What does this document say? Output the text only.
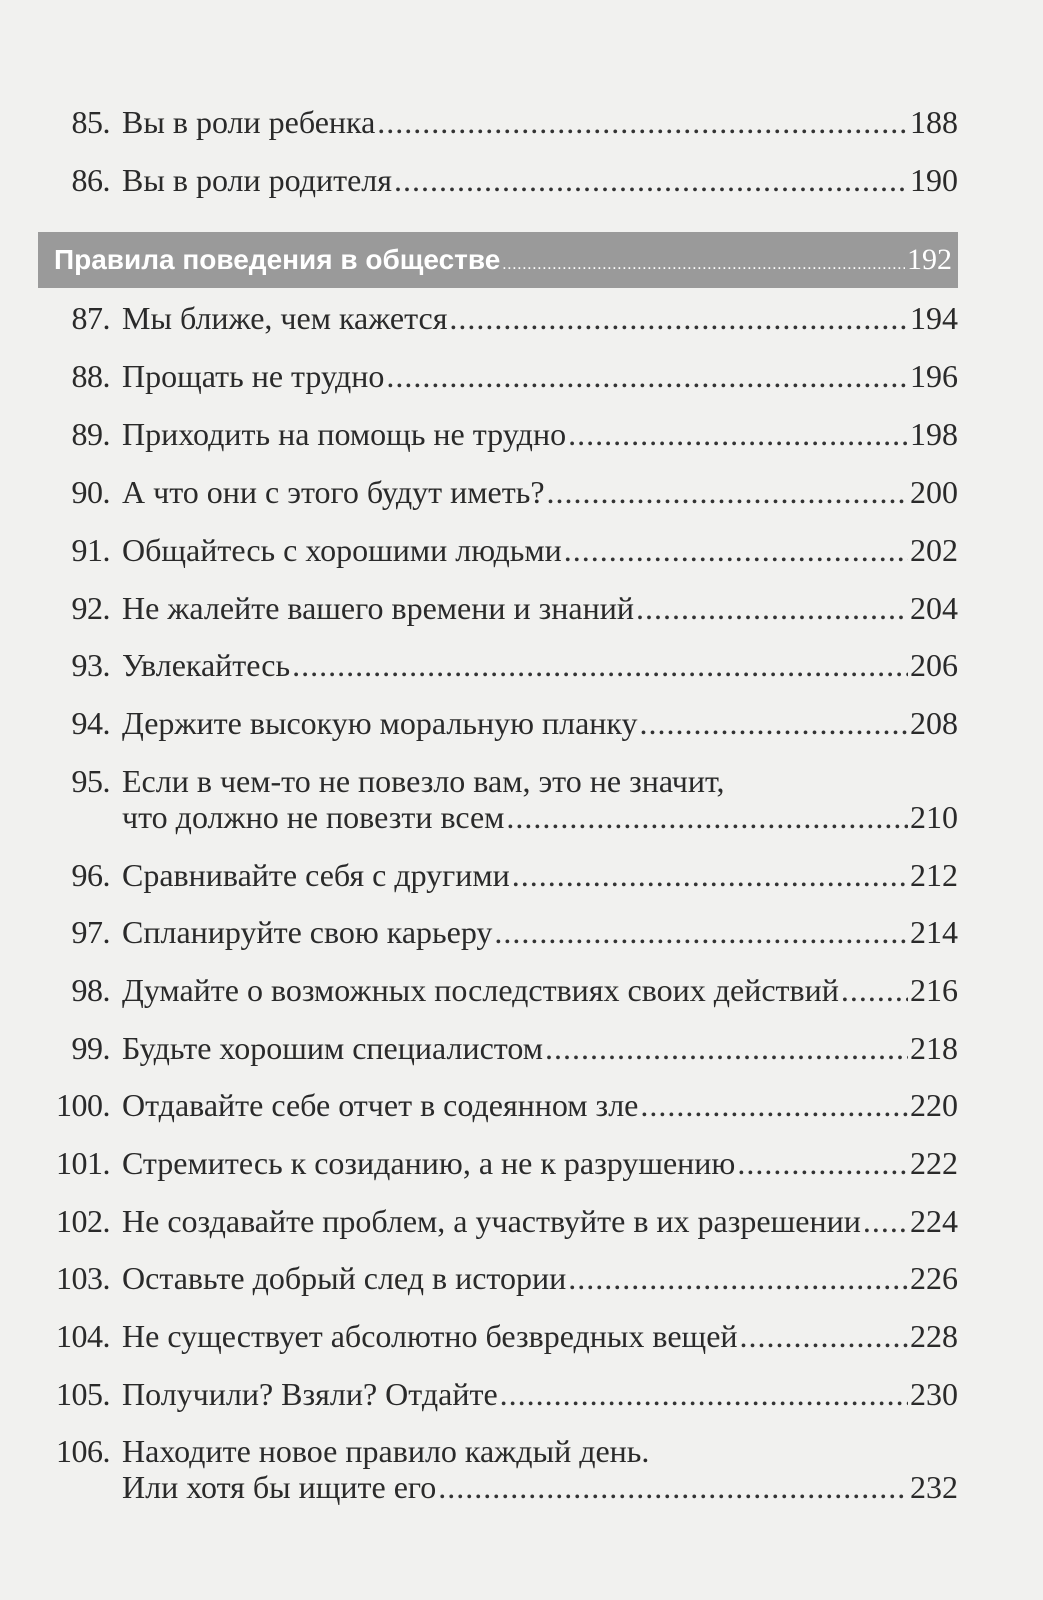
85. Вы в роли ребенка .....	188
86. Вы в роли родителя .....	190
Правила поведения в обществе .....	192
87. Мы ближе, чем кажется .....	194
88. Прощать не трудно .....	196
89. Приходить на помощь не трудно .....	198
90. А что они с этого будут иметь? .....	200
91. Общайтесь с хорошими людьми .....	202
92. Не жалейте вашего времени и знаний .....	204
93. Увлекайтесь .....	206
94. Держите высокую моральную планку .....	208
95. Если в чем-то не повезло вам, это не значит,
что должно не повезти всем .....	210
96. Сравнивайте себя с другими .....	212
97. Спланируйте свою карьеру .....	214
98. Думайте о возможных последствиях своих действий ..... 216
99. Будьте хорошим специалистом .....	218
100. Отдавайте себе отчет в содеянном зле .....	220
101. Стремитесь к созиданию, а не к разрушению .....	222
102. Не создавайте проблем, а участвуйте в их разрешении ..... 224
103. Оставьте добрый след в истории .....	226
104. Не существует абсолютно безвредных вещей .....	228
105. Получили? Взяли? Отдайте .....	230
106. Находите новое правило каждый день.
Или хотя бы ищите его .....	232
